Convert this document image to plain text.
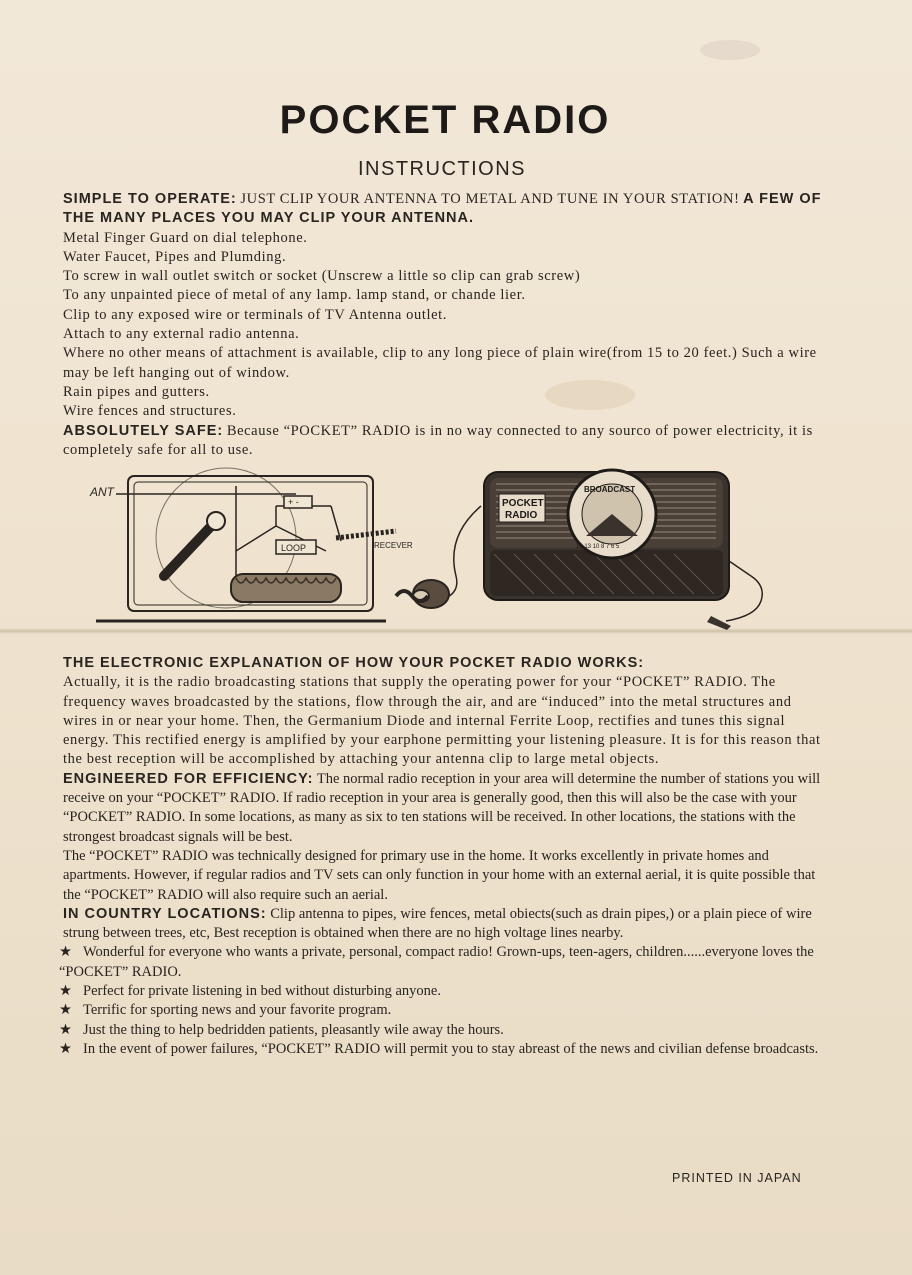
POCKET RADIO
INSTRUCTIONS

SIMPLE TO OPERATE: JUST CLIP YOUR ANTENNA TO METAL AND TUNE IN YOUR STATION! A FEW OF THE MANY PLACES YOU MAY CLIP YOUR ANTENNA.

Metal Finger Guard on dial telephone.

Water Faucet, Pipes and Plumding.

To screw in wall outlet switch or socket (Unscrew a little so clip can grab screw)

To any unpainted piece of metal of any lamp. lamp stand, or chande lier.

Clip to any exposed wire or terminals of TV Antenna outlet.

Attach to any external radio antenna.

Where no other means of attachment is available, clip to any long piece of plain wire(from 15 to 20 feet.) Such a wire may be left hanging out of window.

Rain pipes and gutters.

Wire fences and structures.

ABSOLUTELY SAFE: Because “POCKET” RADIO is in no way connected to any sourco of power electricity, it is completely safe for all to use.

ANT
+ -
LOOP	RECEVER
POCKET
RADIO
BROADCAST
16 13 10 8 7 6 5

THE ELECTRONIC EXPLANATION OF HOW YOUR POCKET RADIO WORKS:

Actually, it is the radio broadcasting stations that supply the operating power for your “POCKET” RADIO. The frequency waves broadcasted by the stations, flow through the air, and are “induced” into the metal structures and wires in or near your home. Then, the Germanium Diode and internal Ferrite Loop, rectifies and tunes this signal energy. This rectified energy is amplified by your earphone permitting your listening pleasure. It is for this reason that the best reception will be accomplished by attaching your antenna clip to large metal objects.

ENGINEERED FOR EFFICIENCY: The normal radio reception in your area will determine the number of stations you will receive on your “POCKET” RADIO. If radio reception in your area is generally good, then this will also be the case with your “POCKET” RADIO. In some locations, as many as six to ten stations will be received. In other locations, the stations with the strongest broadcast signals will be best.

The “POCKET” RADIO was technically designed for primary use in the home. It works excellently in private homes and apartments. However, if regular radios and TV sets can only function in your home with an external aerial, it is quite possible that the “POCKET” RADIO will also require such an aerial.

IN COUNTRY LOCATIONS: Clip antenna to pipes, wire fences, metal obiects(such as drain pipes,) or a plain piece of wire strung between trees, etc, Best reception is obtained when there are no high voltage lines nearby.

★ Wonderful for everyone who wants a private, personal, compact radio! Grown-ups, teen-agers, children......everyone loves the “POCKET” RADIO.

★ Perfect for private listening in bed without disturbing anyone.

★ Terrific for sporting news and your favorite program.

★ Just the thing to help bedridden patients, pleasantly wile away the hours.

★ In the event of power failures, “POCKET” RADIO will permit you to stay abreast of the news and civilian defense broadcasts.

PRINTED IN JAPAN
